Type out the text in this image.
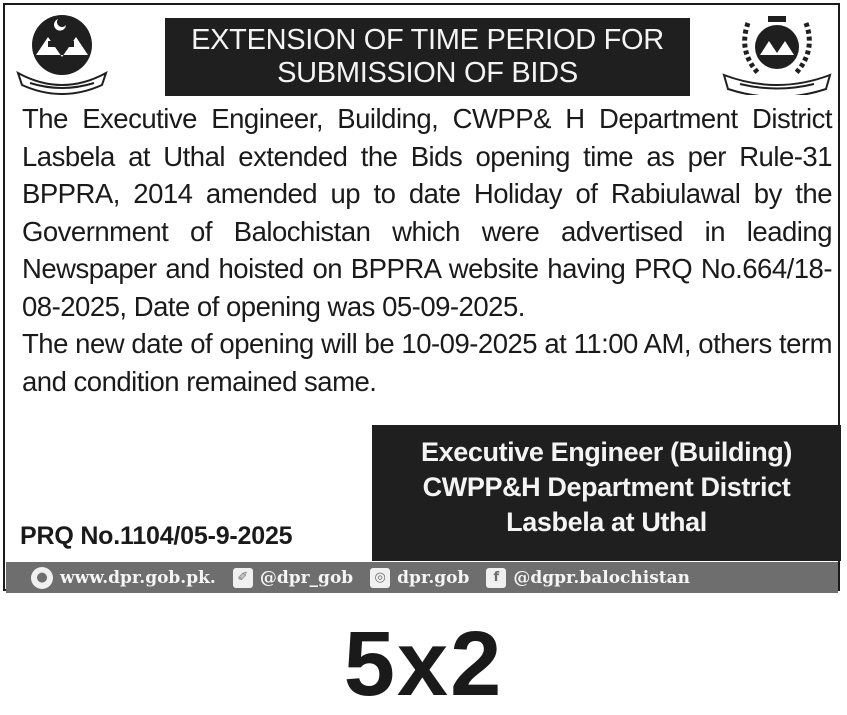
EXTENSION OF TIME PERIOD FOR
SUBMISSION OF BIDS

The Executive Engineer, Building, CWPP& H Department District Lasbela at Uthal extended the Bids opening time as per Rule-31 BPPRA, 2014 amended up to date Holiday of Rabiulawal by the Government of Balochistan which were advertised in leading Newspaper and hoisted on BPPRA website having PRQ No.664/18-08-2025, Date of opening was 05-09-2025.

The new date of opening will be 10-09-2025 at 11:00 AM, others term and condition remained same.

Executive Engineer (Building)
CWPP&H Department District
Lasbela at Uthal
PRQ No.1104/05-9-2025
● www.dpr.gob.pk.	✐ @dpr_gob	◎ dpr.gob	f @dgpr.balochistan
5x2
